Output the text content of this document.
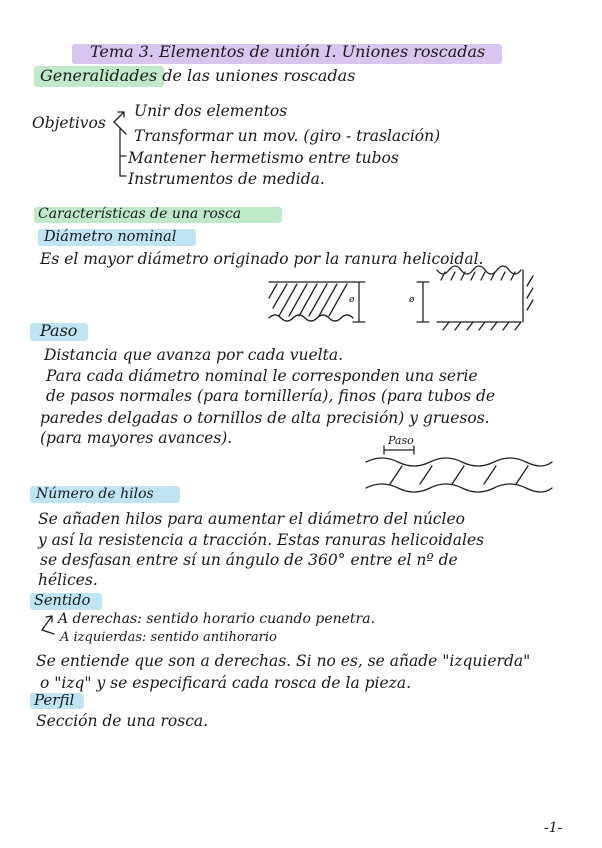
Tema 3. Elementos de unión I. Uniones roscadas
Generalidades de las uniones roscadas
Objetivos
Unir dos elementos
Transformar un mov. (giro - traslación)
Mantener hermetismo entre tubos
Instrumentos de medida.
Características de una rosca
Diámetro nominal
Es el mayor diámetro originado por la ranura helicoidal.
ø	ø
Paso
Distancia que avanza por cada vuelta.
Para cada diámetro nominal le corresponden una serie
de pasos normales (para tornillería), finos (para tubos de
paredes delgadas o tornillos de alta precisión) y gruesos.
(para mayores avances).	Paso
Número de hilos
Se añaden hilos para aumentar el diámetro del núcleo
y así la resistencia a tracción. Estas ranuras helicoidales
se desfasan entre sí un ángulo de 360° entre el nº de
hélices.
Sentido
A derechas: sentido horario cuando penetra.
A izquierdas: sentido antihorario
Se entiende que son a derechas. Si no es, se añade "izquierda"
o "izq" y se especificará cada rosca de la pieza.
Perfil
Sección de una rosca.
-1-
